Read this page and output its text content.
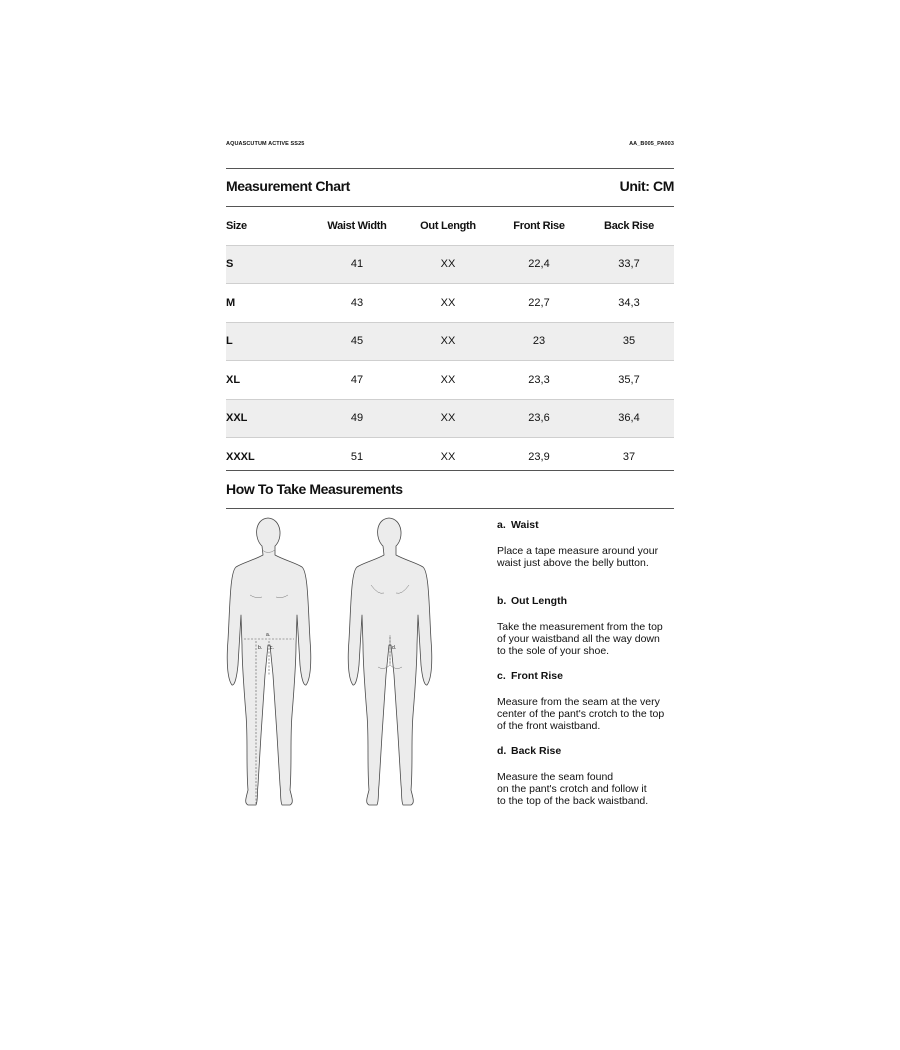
AQUASCUTUM ACTIVE SS25	AA_B005_PA003
Measurement Chart	Unit: CM
Size	Waist Width	Out Length	Front Rise	Back Rise
S	41	XX	22,4	33,7
M	43	XX	22,7	34,3
L	45	XX	23	35
XL	47	XX	23,3	35,7
XXL	49	XX	23,6	36,4
XXXL	51	XX	23,9	37
How To Take Measurements
a.
b. c.	d.
a. Waist
Place a tape measure around your
waist just above the belly button.
b. Out Length
Take the measurement from the top
of your waistband all the way down
to the sole of your shoe.
c. Front Rise
Measure from the seam at the very
center of the pant's crotch to the top
of the front waistband.
d. Back Rise
Measure the seam found
on the pant's crotch and follow it
to the top of the back waistband.
